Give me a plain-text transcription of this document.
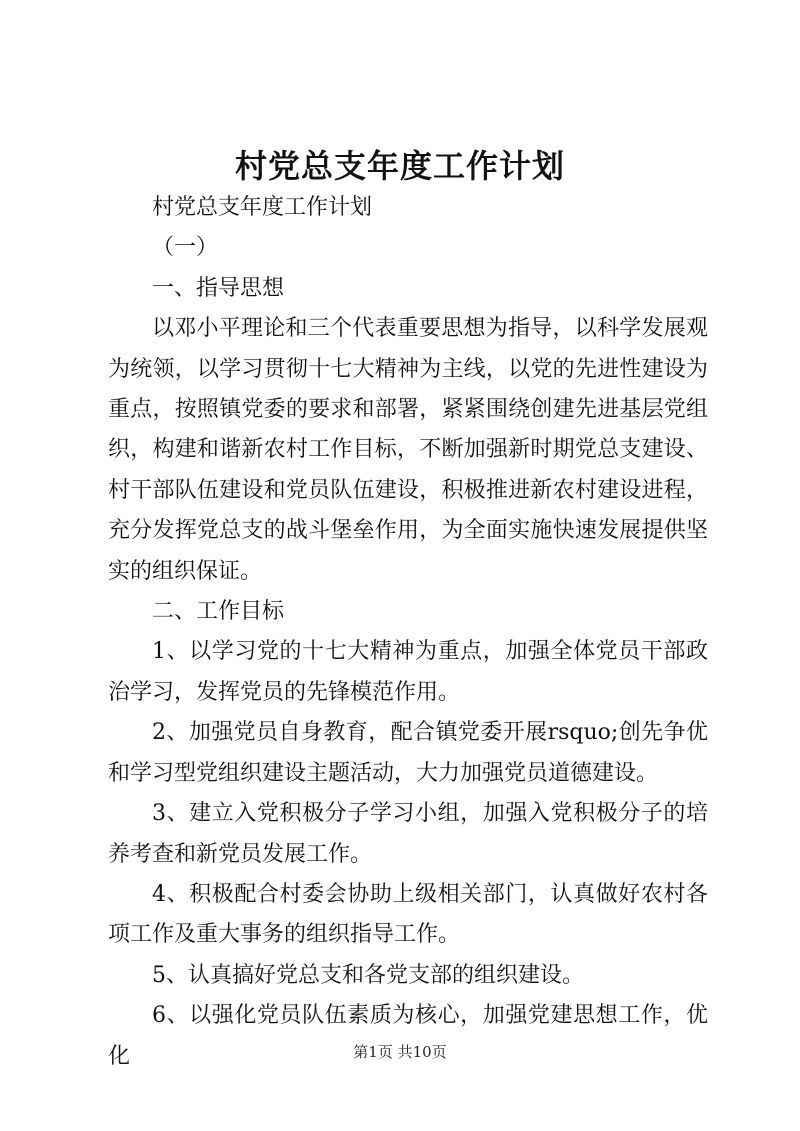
村党总支年度工作计划

村党总支年度工作计划

（一）

一、指导思想

以邓小平理论和三个代表重要思想为指导，以科学发展观为统领，以学习贯彻十七大精神为主线，以党的先进性建设为重点，按照镇党委的要求和部署，紧紧围绕创建先进基层党组织，构建和谐新农村工作目标，不断加强新时期党总支建设、村干部队伍建设和党员队伍建设，积极推进新农村建设进程，充分发挥党总支的战斗堡垒作用，为全面实施快速发展提供坚实的组织保证。

二、工作目标

1、以学习党的十七大精神为重点，加强全体党员干部政治学习，发挥党员的先锋模范作用。

2、加强党员自身教育，配合镇党委开展rsquo;创先争优和学习型党组织建设主题活动，大力加强党员道德建设。

3、建立入党积极分子学习小组，加强入党积极分子的培养考查和新党员发展工作。

4、积极配合村委会协助上级相关部门，认真做好农村各项工作及重大事务的组织指导工作。

5、认真搞好党总支和各党支部的组织建设。

6、以强化党员队伍素质为核心，加强党建思想工作，优化	第1页 共10页
